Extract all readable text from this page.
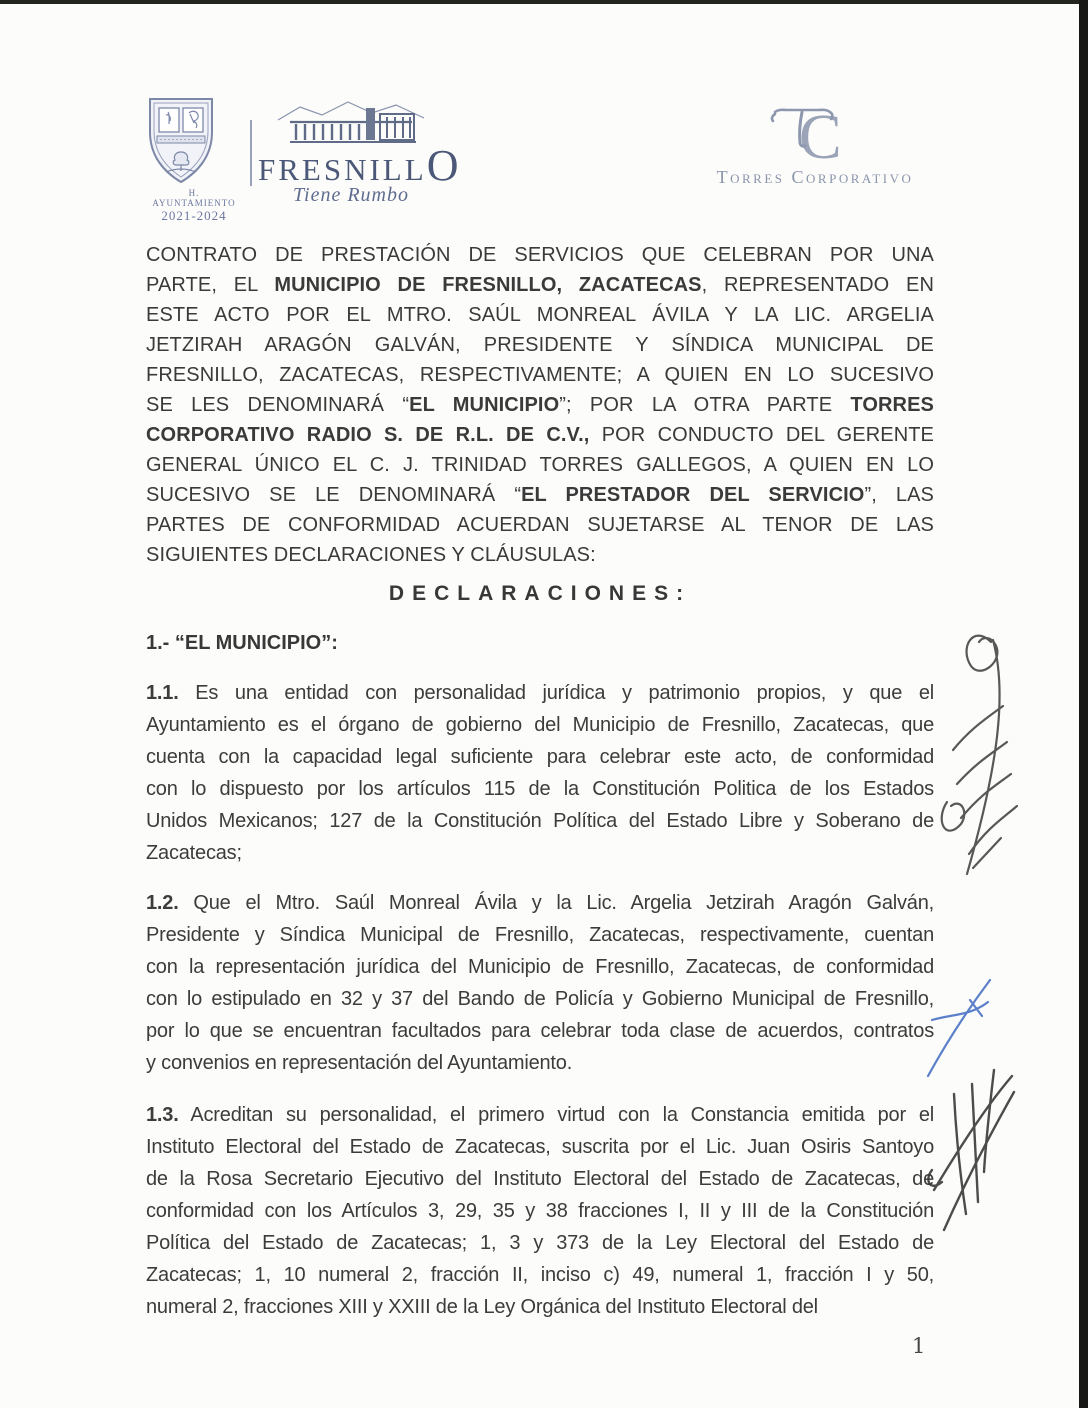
H. AYUNTAMIENTO
2021-2024
FRESNILLO
Tiene Rumbo
C
Torres Corporativo
CONTRATO DE PRESTACIÓN DE SERVICIOS QUE CELEBRAN POR UNA
PARTE, EL MUNICIPIO DE FRESNILLO, ZACATECAS, REPRESENTADO EN
ESTE ACTO POR EL MTRO. SAÚL MONREAL ÁVILA Y LA LIC. ARGELIA
JETZIRAH ARAGÓN GALVÁN, PRESIDENTE Y SÍNDICA MUNICIPAL DE
FRESNILLO, ZACATECAS, RESPECTIVAMENTE; A QUIEN EN LO SUCESIVO
SE LES DENOMINARÁ “EL MUNICIPIO”; POR LA OTRA PARTE TORRES
CORPORATIVO RADIO S. DE R.L. DE C.V., POR CONDUCTO DEL GERENTE
GENERAL ÚNICO EL C. J. TRINIDAD TORRES GALLEGOS, A QUIEN EN LO
SUCESIVO SE LE DENOMINARÁ “EL PRESTADOR DEL SERVICIO”, LAS
PARTES DE CONFORMIDAD ACUERDAN SUJETARSE AL TENOR DE LAS
SIGUIENTES DECLARACIONES Y CLÁUSULAS:
DECLARACIONES:
1.- “EL MUNICIPIO”:
1.1. Es una entidad con personalidad jurídica y patrimonio propios, y que el
Ayuntamiento es el órgano de gobierno del Municipio de Fresnillo, Zacatecas, que
cuenta con la capacidad legal suficiente para celebrar este acto, de conformidad
con lo dispuesto por los artículos 115 de la Constitución Politica de los Estados
Unidos Mexicanos; 127 de la Constitución Política del Estado Libre y Soberano de
Zacatecas;
1.2. Que el Mtro. Saúl Monreal Ávila y la Lic. Argelia Jetzirah Aragón Galván,
Presidente y Síndica Municipal de Fresnillo, Zacatecas, respectivamente, cuentan
con la representación jurídica del Municipio de Fresnillo, Zacatecas, de conformidad
con lo estipulado en 32 y 37 del Bando de Policía y Gobierno Municipal de Fresnillo,
por lo que se encuentran facultados para celebrar toda clase de acuerdos, contratos
y convenios en representación del Ayuntamiento.
1.3. Acreditan su personalidad, el primero virtud con la Constancia emitida por el
Instituto Electoral del Estado de Zacatecas, suscrita por el Lic. Juan Osiris Santoyo
de la Rosa Secretario Ejecutivo del Instituto Electoral del Estado de Zacatecas, de
conformidad con los Artículos 3, 29, 35 y 38 fracciones I, II y III de la Constitución
Política del Estado de Zacatecas; 1, 3 y 373 de la Ley Electoral del Estado de
Zacatecas; 1, 10 numeral 2, fracción II, inciso c) 49, numeral 1, fracción I y 50,
numeral 2, fracciones XIII y XXIII de la Ley Orgánica del Instituto Electoral del
1
